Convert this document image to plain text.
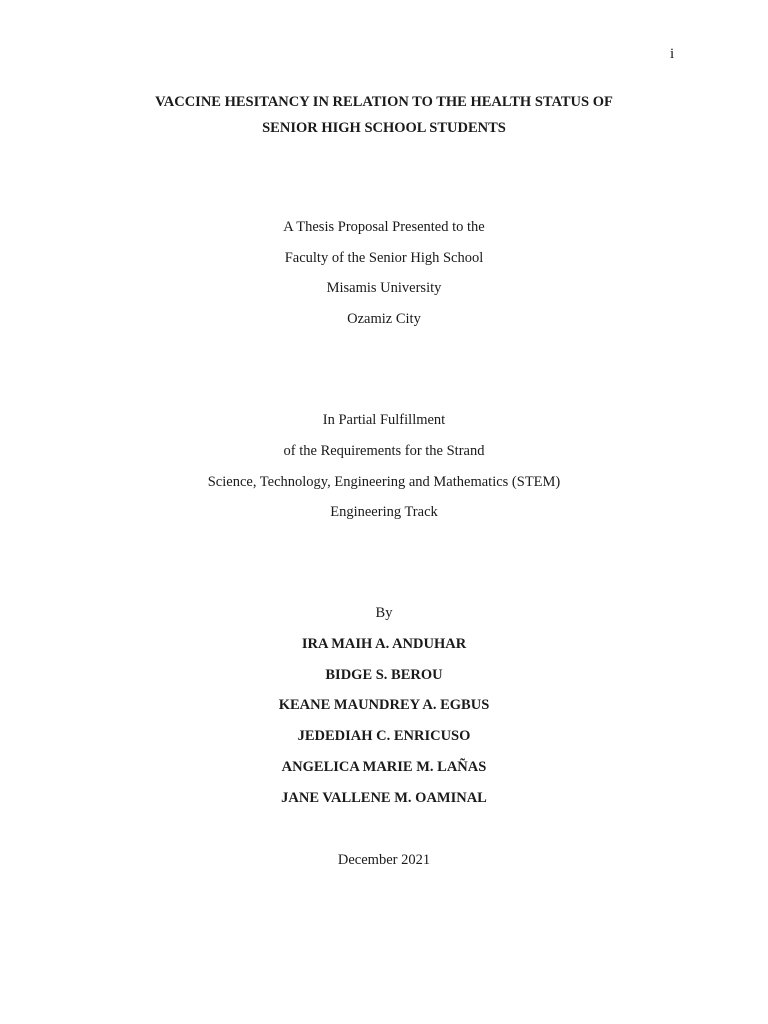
i
VACCINE HESITANCY IN RELATION TO THE HEALTH STATUS OF
SENIOR HIGH SCHOOL STUDENTS
A Thesis Proposal Presented to the
Faculty of the Senior High School
Misamis University
Ozamiz City
In Partial Fulfillment
of the Requirements for the Strand
Science, Technology, Engineering and Mathematics (STEM)
Engineering Track
By
IRA MAIH A. ANDUHAR
BIDGE S. BEROU
KEANE MAUNDREY A. EGBUS
JEDEDIAH C. ENRICUSO
ANGELICA MARIE M. LAÑAS
JANE VALLENE M. OAMINAL
December 2021
